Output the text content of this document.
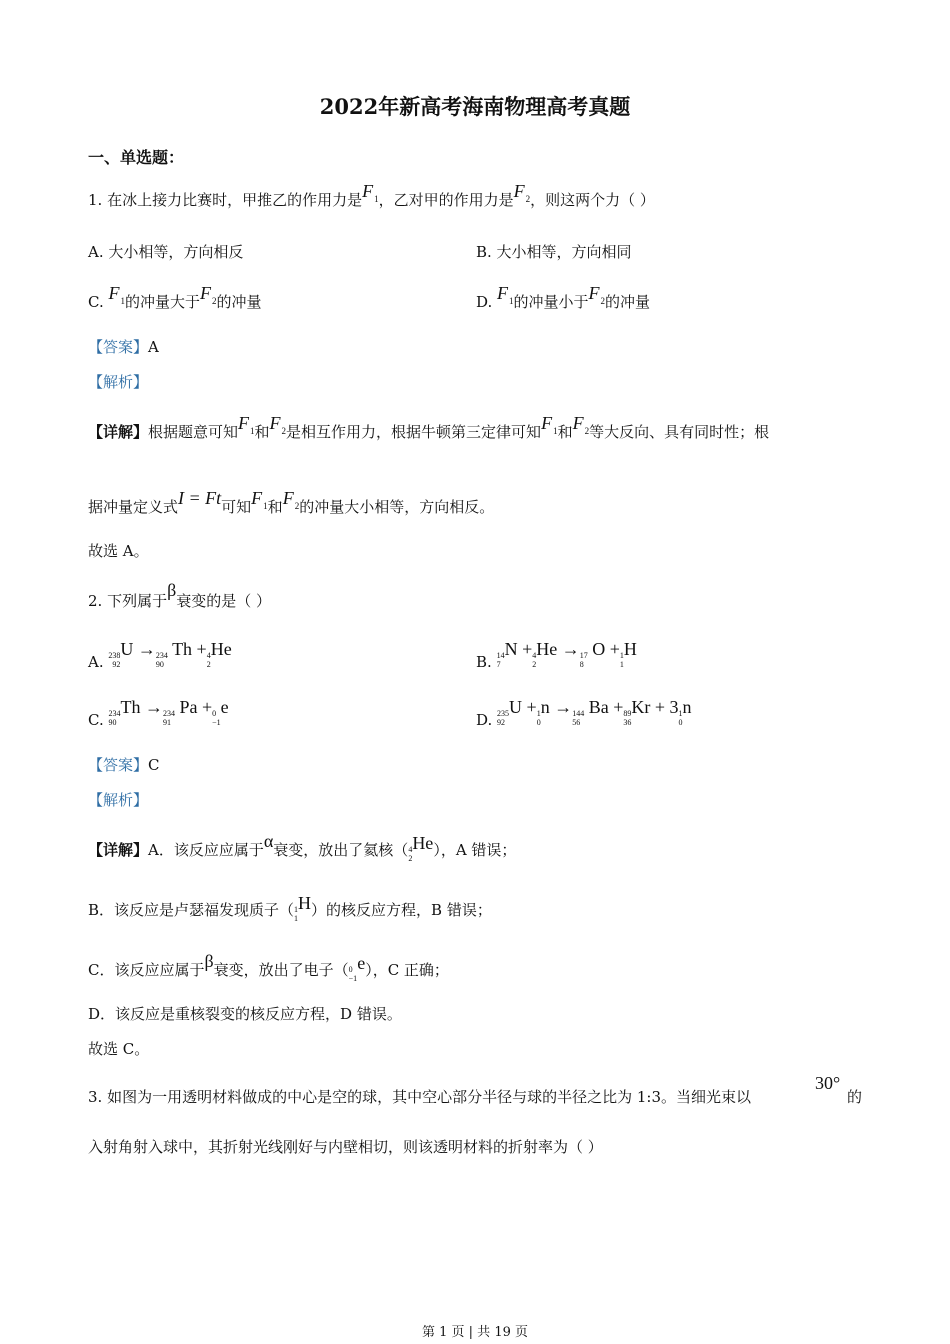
2022年新高考海南物理高考真题
一、单选题：
1. 在冰上接力比赛时，甲推乙的作用力是$F_1$，乙对甲的作用力是$F_2$，则这两个力（ ）
A. 大小相等，方向相反	B. 大小相等，方向相同
C. $F_1$的冲量大于$F_2$的冲量	D. $F_1$的冲量小于$F_2$的冲量
【答案】A
【解析】
【详解】根据题意可知$F_1$和$F_2$是相互作用力，根据牛顿第三定律可知$F_1$和$F_2$等大反向、具有同时性；根
据冲量定义式I = Ft可知$F_1$和$F_2$的冲量大小相等，方向相反。
故选 A。
2. 下列属于β衰变的是（ ）
A. 238
92U →234
90 Th +4
2He
B. 14
7N +4
2He →17
8 O +1
1H
C. 234
90Th →234
91 Pa +0
−1e
D. 235
92U +1
0n →144
56 Ba +89
36Kr + 31
0n
【答案】C
【解析】
【详解】A．该反应应属于α衰变，放出了氦核（4
2He），A 错误；
B．该反应是卢瑟福发现质子（1
1H）的核反应方程，B 错误；
C．该反应应属于β衰变，放出了电子（0
−1e），C 正确；
D．该反应是重核裂变的核反应方程，D 错误。
故选 C。
3. 如图为一用透明材料做成的中心是空的球，其中空心部分半径与球的半径之比为 1:3。当细光束以
30°
的
入射角射入球中，其折射光线刚好与内壁相切，则该透明材料的折射率为（ ）
第 1 页 | 共 19 页
